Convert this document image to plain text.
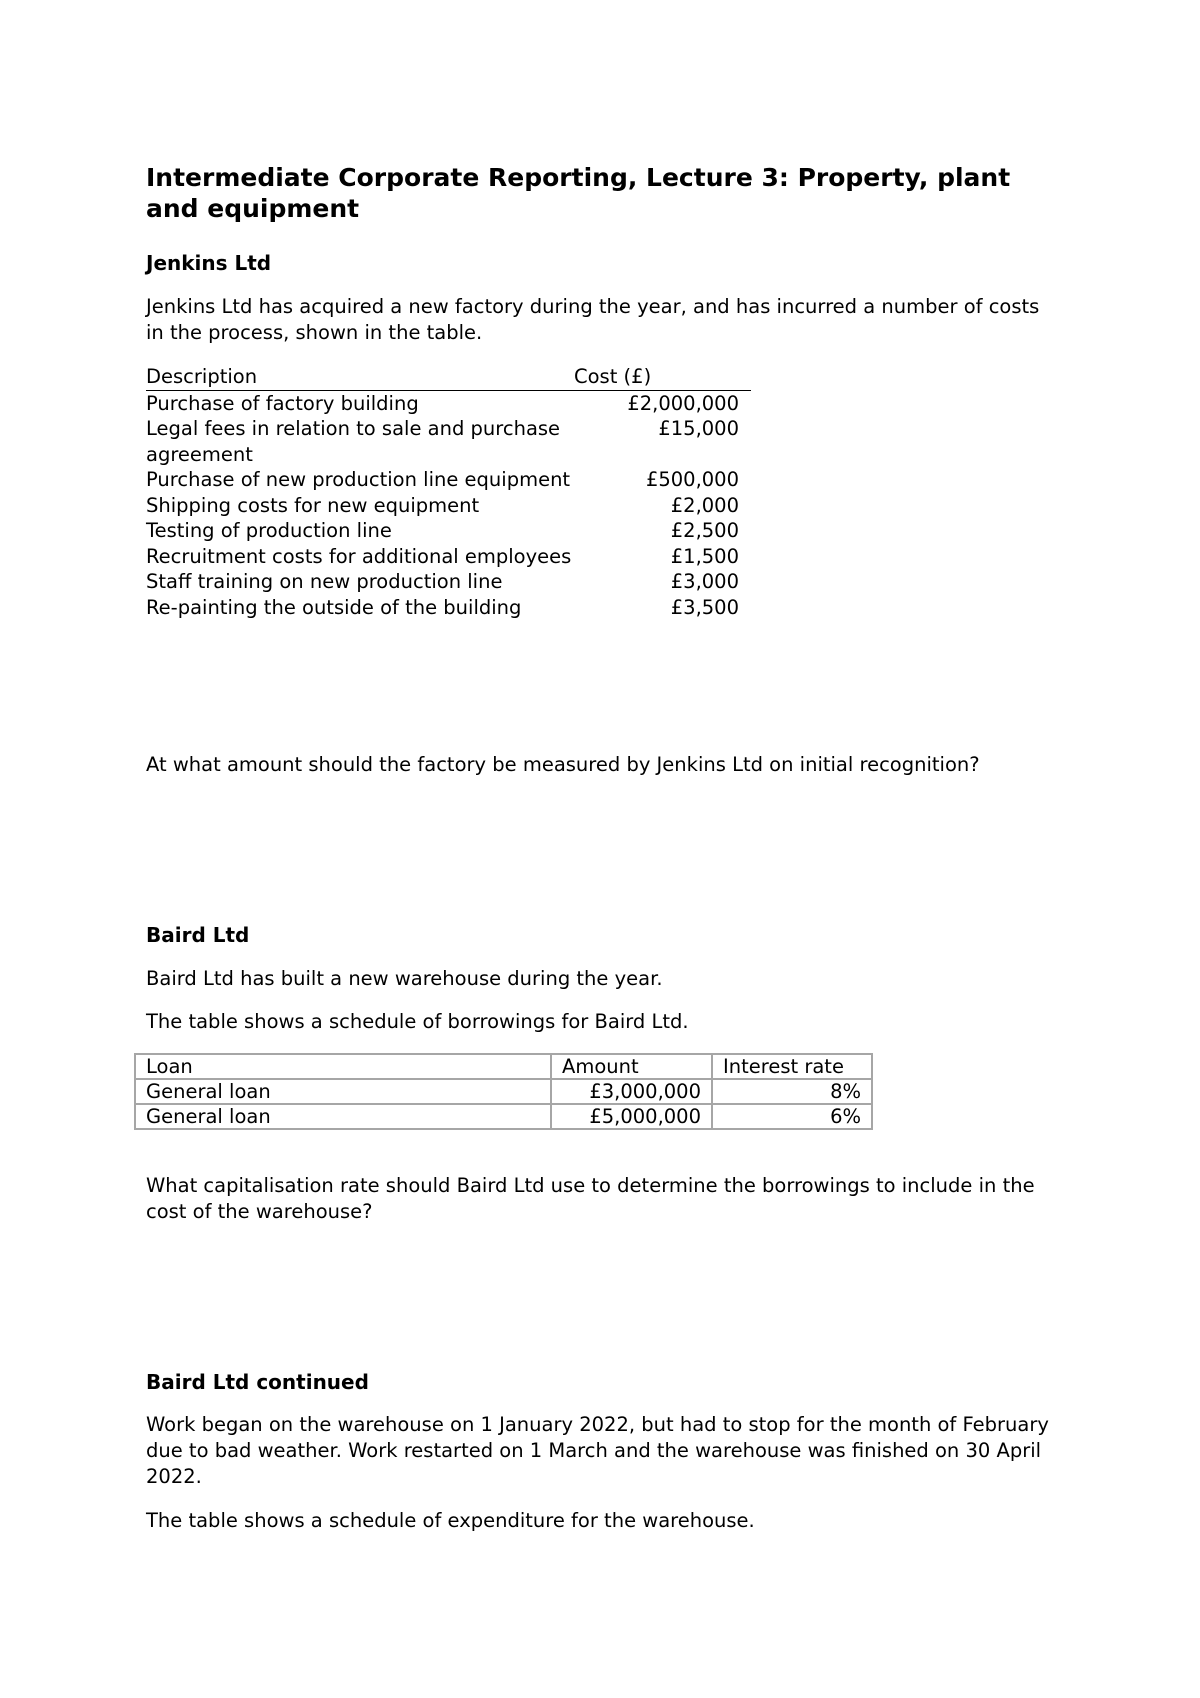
Intermediate Corporate Reporting, Lecture 3: Property, plant and equipment
Jenkins Ltd

Jenkins Ltd has acquired a new factory during the year, and has incurred a number of costs in the process, shown in the table.

Description	Cost (£)
Purchase of factory building	£2,000,000
Legal fees in relation to sale and purchase agreement	£15,000
Purchase of new production line equipment	£500,000
Shipping costs for new equipment	£2,000
Testing of production line	£2,500
Recruitment costs for additional employees	£1,500
Staff training on new production line	£3,000
Re-painting the outside of the building	£3,500

At what amount should the factory be measured by Jenkins Ltd on initial recognition?

Baird Ltd

Baird Ltd has built a new warehouse during the year.

The table shows a schedule of borrowings for Baird Ltd.

Loan	Amount	Interest rate
General loan	£3,000,000	8%
General loan	£5,000,000	6%

What capitalisation rate should Baird Ltd use to determine the borrowings to include in the cost of the warehouse?

Baird Ltd continued

Work began on the warehouse on 1 January 2022, but had to stop for the month of February due to bad weather. Work restarted on 1 March and the warehouse was finished on 30 April 2022.

The table shows a schedule of expenditure for the warehouse.
